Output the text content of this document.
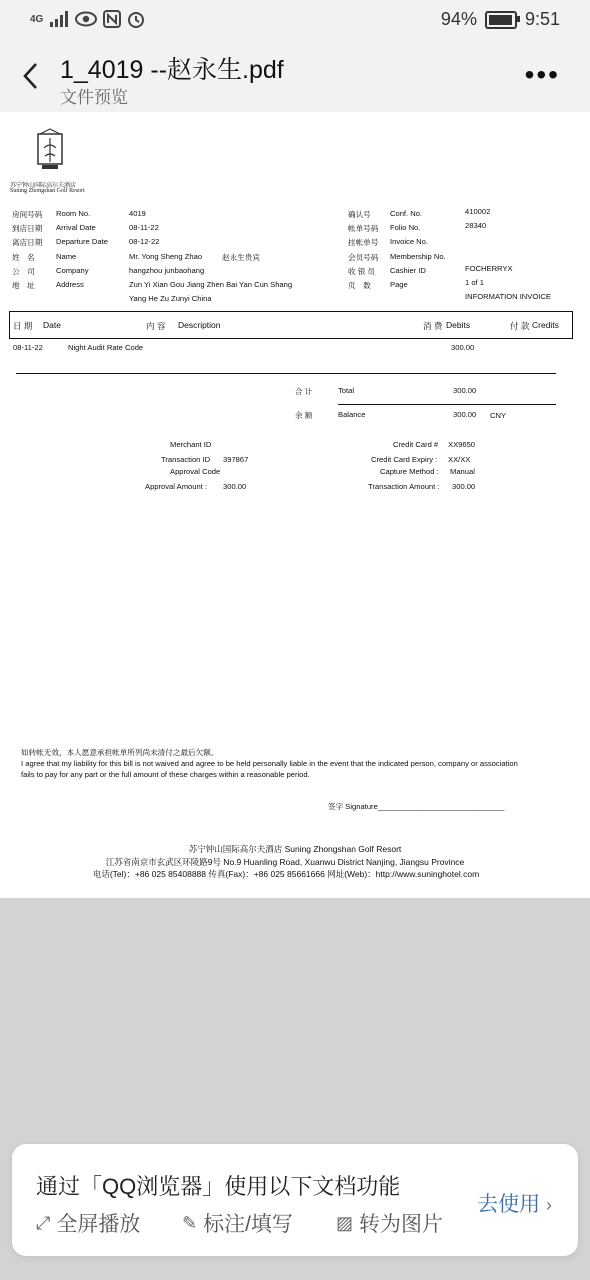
4G	94%	9:51
1_4019 --赵永生.pdf
文件预览
•••
苏宁钟山国际高尔夫酒店
Suning Zhongshan Golf Resort
房间号码 Room No.	4019
到店日期 Arrival Date	08-11-22
离店日期 Departure Date	08-12-22
姓　名	Name	Mr. Yong Sheng Zhao	赵永生贵宾
公　司	Company	hangzhou junbaohang
地　址	Address	Zun Yi Xian Gou Jiang Zhen Bai Yan Cun Shang
Yang He Zu Zunyi China
确认号	Conf. No.	410002
帐单号码 Folio No.	28340
挂帐单号 Invoice No.
会员号码 Membership No.
收 银 员 Cashier ID	FOCHERRYX
页　数	Page	1 of 1
INFORMATION INVOICE
日 期 Date	内 容 Description	消 费 Debits	付 款 Credits
08-11-22	Night Audit Rate Code	300.00
合 计	Total	300.00
余 额	Balance	300.00 CNY
Merchant ID
Transaction ID 397867
Approval Code
Approval Amount : 300.00
Credit Card # XX9650
Credit Card Expiry : XX/XX
Capture Method : Manual
Transaction Amount : 300.00
如转帐无效，本人愿意承担帐单所列尚未清付之最后欠额。
I agree that my liability for this bill is not waived and agree to be held personally liable in the event that the indicated person, company or association
fails to pay for any part or the full amount of these charges within a reasonable period.
签字 Signature______________________________
苏宁钟山国际高尔夫酒店 Suning Zhongshan Golf Resort
江苏省南京市玄武区环陵路9号 No.9 Huanling Road, Xuanwu District Nanjing, Jiangsu Province
电话(Tel)：+86 025 85408888 传真(Fax)：+86 025 85661666 网址(Web)：http://www.suninghotel.com
通过「QQ浏览器」使用以下文档功能
去使用 ›
⤢ 全屏播放 ✎ 标注/填写 ▨ 转为图片
